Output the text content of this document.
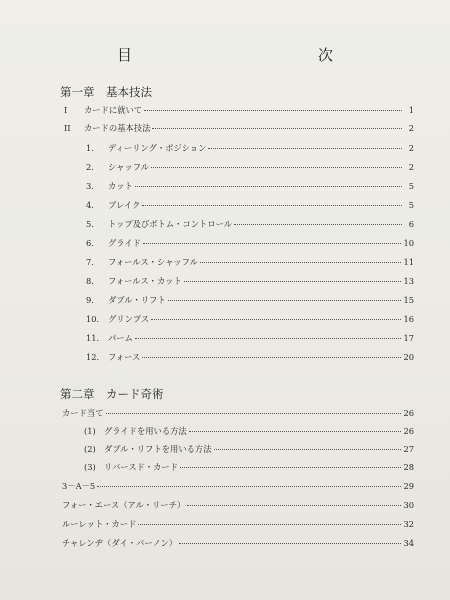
目　　次
第一章　基本技法
I	カードに就いて	1
II	カードの基本技法	2
1.	ディーリング・ポジション	2
2.	シャッフル	2
3.	カット	5
4.	ブレイク	5
5.	トップ及びボトム・コントロール	6
6.	グライド	10
7.	フォールス・シャッフル	11
8.	フォールス・カット	13
9.	ダブル・リフト	15
10.	グリンプス	16
11.	パーム	17
12.	フォース	20
第二章　カード奇術
カード当て	26
(1) グライドを用いる方法	26
(2) ダブル・リフトを用いる方法	27
(3) リバースド・カード	28
3－A－5	29
フォー・エース（アル・リーチ）	30
ルーレット・カード	32
チャレンヂ（ダイ・バーノン）	34
